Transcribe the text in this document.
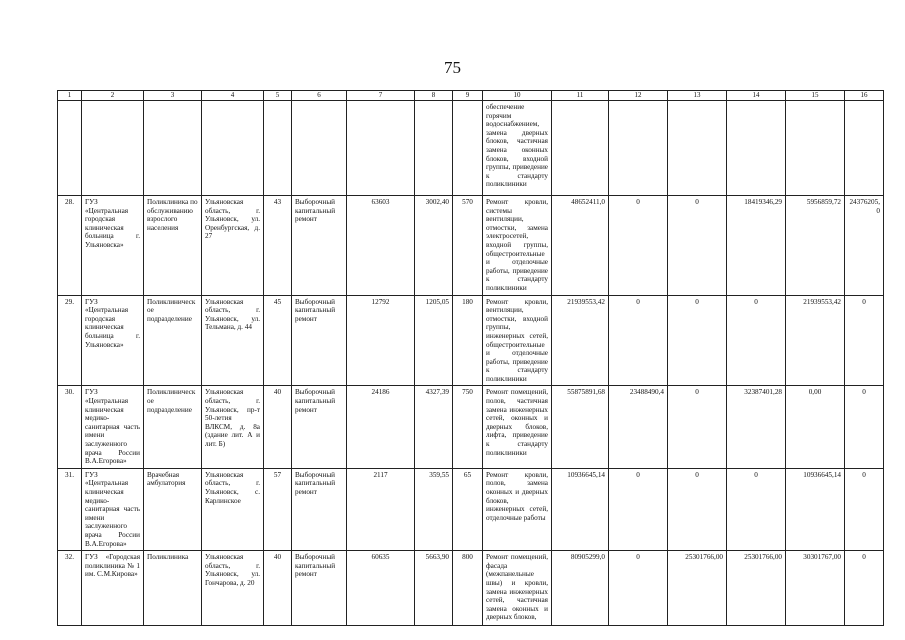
75
1	2	3	4	5	6	7	8	9	10	11	12	13	14	15	16
									обеспечение горячим водоснабжением, замена дверных блоков, частичная замена оконных блоков, входной группы, приведение к стандарту поликлиники						
28.	ГУЗ «Центральная городская клиническая больница г. Ульяновска»	Поликлиника по обслуживанию взрослого населения	Ульяновская область, г. Ульяновск, ул. Оренбургская, д. 27	43	Выборочный капитальный ремонт	63603	3002,40	570	Ремонт кровли, системы вентиляции, отмостки, замена электросетей, входной группы, общестроительные и отделочные работы, приведение к стандарту поликлиники	48652411,0	0	0	18419346,29	5956859,72	24376205,0
29.	ГУЗ «Центральная городская клиническая больница г. Ульяновска»	Поликлиническое подразделение	Ульяновская область, г. Ульяновск, ул. Тельмана, д. 44	45	Выборочный капитальный ремонт	12792	1205,05	180	Ремонт кровли, вентиляции, отмостки, входной группы, инженерных сетей, общестроительные и отделочные работы, приведение к стандарту поликлиники	21939553,42	0	0	0	21939553,42	0
30.	ГУЗ «Центральная клиническая медико-санитарная часть имени заслуженного врача России В.А.Егорова»	Поликлиническое подразделение	Ульяновская область, г. Ульяновск, пр-т 50-летия ВЛКСМ, д. 8а (здание лит. А и лит. Б)	40	Выборочный капитальный ремонт	24186	4327,39	750	Ремонт помещений, полов, частичная замена инженерных сетей, оконных и дверных блоков, лифта, приведение к стандарту поликлиники	55875891,68	23488490,4	0	32387401,28	0,00	0
31.	ГУЗ «Центральная клиническая медико-санитарная часть имени заслуженного врача России В.А.Егорова»	Врачебная амбулатория	Ульяновская область, г. Ульяновск, с. Карлинское	57	Выборочный капитальный ремонт	2117	359,55	65	Ремонт кровли, полов, замена оконных и дверных блоков, инженерных сетей, отделочные работы	10936645,14	0	0	0	10936645,14	0
32.	ГУЗ «Городская поликлиника № 1 им. С.М.Кирова»	Поликлиника	Ульяновская область, г. Ульяновск, ул. Гончарова, д. 20	40	Выборочный капитальный ремонт	60635	5663,90	800	Ремонт помещений, фасада (межпанельные швы) и кровли, замена инженерных сетей, частичная замена оконных и дверных блоков,	80905299,0	0	25301766,00	25301766,00	30301767,00	0
